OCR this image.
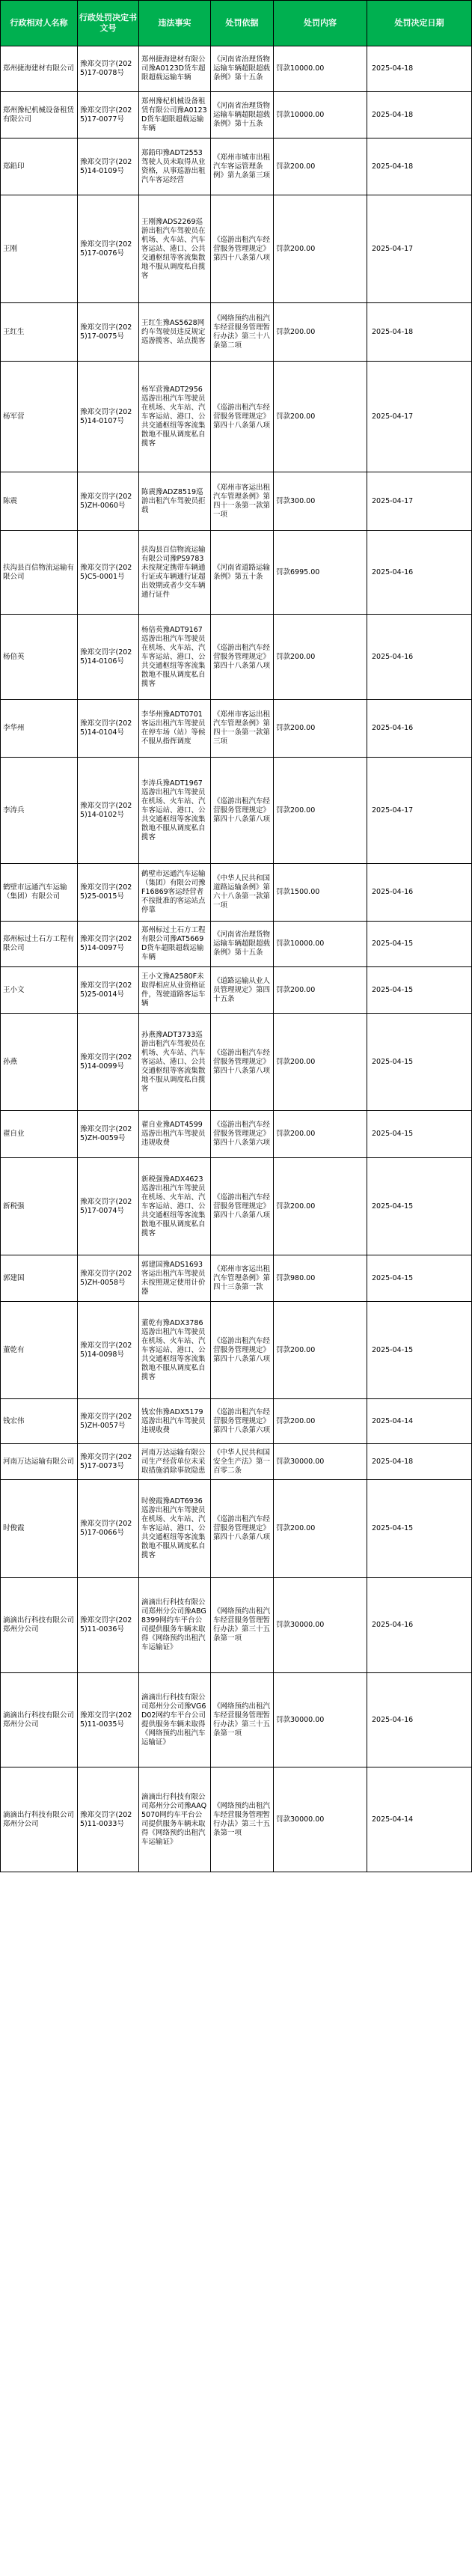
行政相对人名称	行政处罚决定书文号	违法事实	处罚依据	处罚内容	处罚决定日期
郑州捷海建材有限公司	豫郑交罚字(2025)17-0078号	郑州捷海建材有限公司豫A0123D货车超限超载运输车辆	《河南省治理货物运输车辆超限超载条例》第十五条	罚款10000.00	2025-04-18
郑州豫杞机械设备租赁有限公司	豫郑交罚字(2025)17-0077号	郑州豫杞机械设备租赁有限公司豫A0123D货车超限超载运输车辆	《河南省治理货物运输车辆超限超载条例》第十五条	罚款10000.00	2025-04-18
郑鉛印	豫郑交罚字(2025)14-0109号	郑鉛印豫ADT2553驾驶人员未取得从业资格，从事巡游出租汽车客运经营	《郑州市城市出租汽车客运管理条例》第九条第三项	罚款200.00	2025-04-18
王刚	豫郑交罚字(2025)17-0076号	王刚豫ADS2269巡游出租汽车驾驶员在机场、火车站、汽车客运站、港口、公共交通枢纽等客流集散地不服从调度私自揽客	《巡游出租汽车经营服务管理规定》第四十八条第八项	罚款200.00	2025-04-17
王红生	豫郑交罚字(2025)17-0075号	王红生豫AS5628网约车驾驶员违反规定巡游揽客、站点揽客	《网络预约出租汽车经营服务管理暂行办法》第三十八条第二项	罚款200.00	2025-04-18
杨军营	豫郑交罚字(2025)14-0107号	杨军营豫ADT2956巡游出租汽车驾驶员在机场、火车站、汽车客运站、港口、公共交通枢纽等客流集散地不服从调度私自揽客	《巡游出租汽车经营服务管理规定》第四十八条第八项	罚款200.00	2025-04-17
陈震	豫郑交罚字(2025)ZH-0060号	陈震豫ADZ8519巡游出租汽车驾驶员拒载	《郑州市客运出租汽车管理条例》第四十一条第一款第一项	罚款300.00	2025-04-17
扶沟县百信物流运输有限公司	豫郑交罚字(2025)C5-0001号	扶沟县百信物流运输有限公司豫PS9783未按规定携带车辆通行证或车辆通行证超出效期或者少交车辆通行证件	《河南省道路运输条例》第五十条	罚款6995.00	2025-04-16
杨倍英	豫郑交罚字(2025)14-0106号	杨倍英豫ADT9167巡游出租汽车驾驶员在机场、火车站、汽车客运站、港口、公共交通枢纽等客流集散地不服从调度私自揽客	《巡游出租汽车经营服务管理规定》第四十八条第八项	罚款200.00	2025-04-16
李华州	豫郑交罚字(2025)14-0104号	李华州豫ADT0701客运出租汽车驾驶员在停车场（站）等候不服从指挥调度	《郑州市客运出租汽车管理条例》第四十一条第一款第三项	罚款200.00	2025-04-16
李涛兵	豫郑交罚字(2025)14-0102号	李涛兵豫ADT1967巡游出租汽车驾驶员在机场、火车站、汽车客运站、港口、公共交通枢纽等客流集散地不服从调度私自揽客	《巡游出租汽车经营服务管理规定》第四十八条第八项	罚款200.00	2025-04-17
鹤壁市远通汽车运输（集团）有限公司	豫郑交罚字(2025)25-0015号	鹤壁市远通汽车运输（集团）有限公司豫F16869客运经营者不按批准的客运站点停靠	《中华人民共和国道路运输条例》第六十八条第一款第一项	罚款1500.00	2025-04-16
郑州标过土石方工程有限公司	豫郑交罚字(2025)14-0097号	郑州标过土石方工程有限公司豫AT5669D货车超限超载运输车辆	《河南省治理货物运输车辆超限超载条例》第十五条	罚款10000.00	2025-04-15
王小文	豫郑交罚字(2025)25-0014号	王小文豫A2580F未取得相应从业资格证件，驾驶道路客运车辆	《道路运输从业人员管理规定》第四十五条	罚款200.00	2025-04-15
孙燕	豫郑交罚字(2025)14-0099号	孙燕豫ADT3733巡游出租汽车驾驶员在机场、火车站、汽车客运站、港口、公共交通枢纽等客流集散地不服从调度私自揽客	《巡游出租汽车经营服务管理规定》第四十八条第八项	罚款200.00	2025-04-15
翟自业	豫郑交罚字(2025)ZH-0059号	翟自业豫ADT4599巡游出租汽车驾驶员违规收费	《巡游出租汽车经营服务管理规定》第四十八条第六项	罚款200.00	2025-04-15
新税强	豫郑交罚字(2025)17-0074号	新税强豫ADX4623巡游出租汽车驾驶员在机场、火车站、汽车客运站、港口、公共交通枢纽等客流集散地不服从调度私自揽客	《巡游出租汽车经营服务管理规定》第四十八条第八项	罚款200.00	2025-04-15
郭建国	豫郑交罚字(2025)ZH-0058号	郭建国豫ADS1693客运出租汽车驾驶员未按照规定使用计价器	《郑州市客运出租汽车管理条例》第四十三条第一款	罚款980.00	2025-04-15
董乾有	豫郑交罚字(2025)14-0098号	董乾有豫ADX3786巡游出租汽车驾驶员在机场、火车站、汽车客运站、港口、公共交通枢纽等客流集散地不服从调度私自揽客	《巡游出租汽车经营服务管理规定》第四十八条第八项	罚款200.00	2025-04-15
钱宏伟	豫郑交罚字(2025)ZH-0057号	钱宏伟豫ADX5179巡游出租汽车驾驶员违规收费	《巡游出租汽车经营服务管理规定》第四十八条第六项	罚款200.00	2025-04-14
河南万达运输有限公司	豫郑交罚字(2025)17-0073号	河南万达运输有限公司生产经营单位未采取措施消除事故隐患	《中华人民共和国安全生产法》第一百零二条	罚款30000.00	2025-04-18
时俊霞	豫郑交罚字(2025)17-0066号	时俊霞豫ADT6936巡游出租汽车驾驶员在机场、火车站、汽车客运站、港口、公共交通枢纽等客流集散地不服从调度私自揽客	《巡游出租汽车经营服务管理规定》第四十八条第八项	罚款200.00	2025-04-15
滴滴出行科技有限公司郑州分公司	豫郑交罚字(2025)11-0036号	滴滴出行科技有限公司郑州分公司豫ABG8399网约车平台公司提供服务车辆未取得《网络预约出租汽车运输证》	《网络预约出租汽车经营服务管理暂行办法》第三十五条第一项	罚款30000.00	2025-04-16
滴滴出行科技有限公司郑州分公司	豫郑交罚字(2025)11-0035号	滴滴出行科技有限公司郑州分公司豫VG6D02网约车平台公司提供服务车辆未取得《网络预约出租汽车运输证》	《网络预约出租汽车经营服务管理暂行办法》第三十五条第一项	罚款30000.00	2025-04-16
滴滴出行科技有限公司郑州分公司	豫郑交罚字(2025)11-0033号	滴滴出行科技有限公司郑州分公司豫AAQ5070网约车平台公司提供服务车辆未取得《网络预约出租汽车运输证》	《网络预约出租汽车经营服务管理暂行办法》第三十五条第一项	罚款30000.00	2025-04-14
